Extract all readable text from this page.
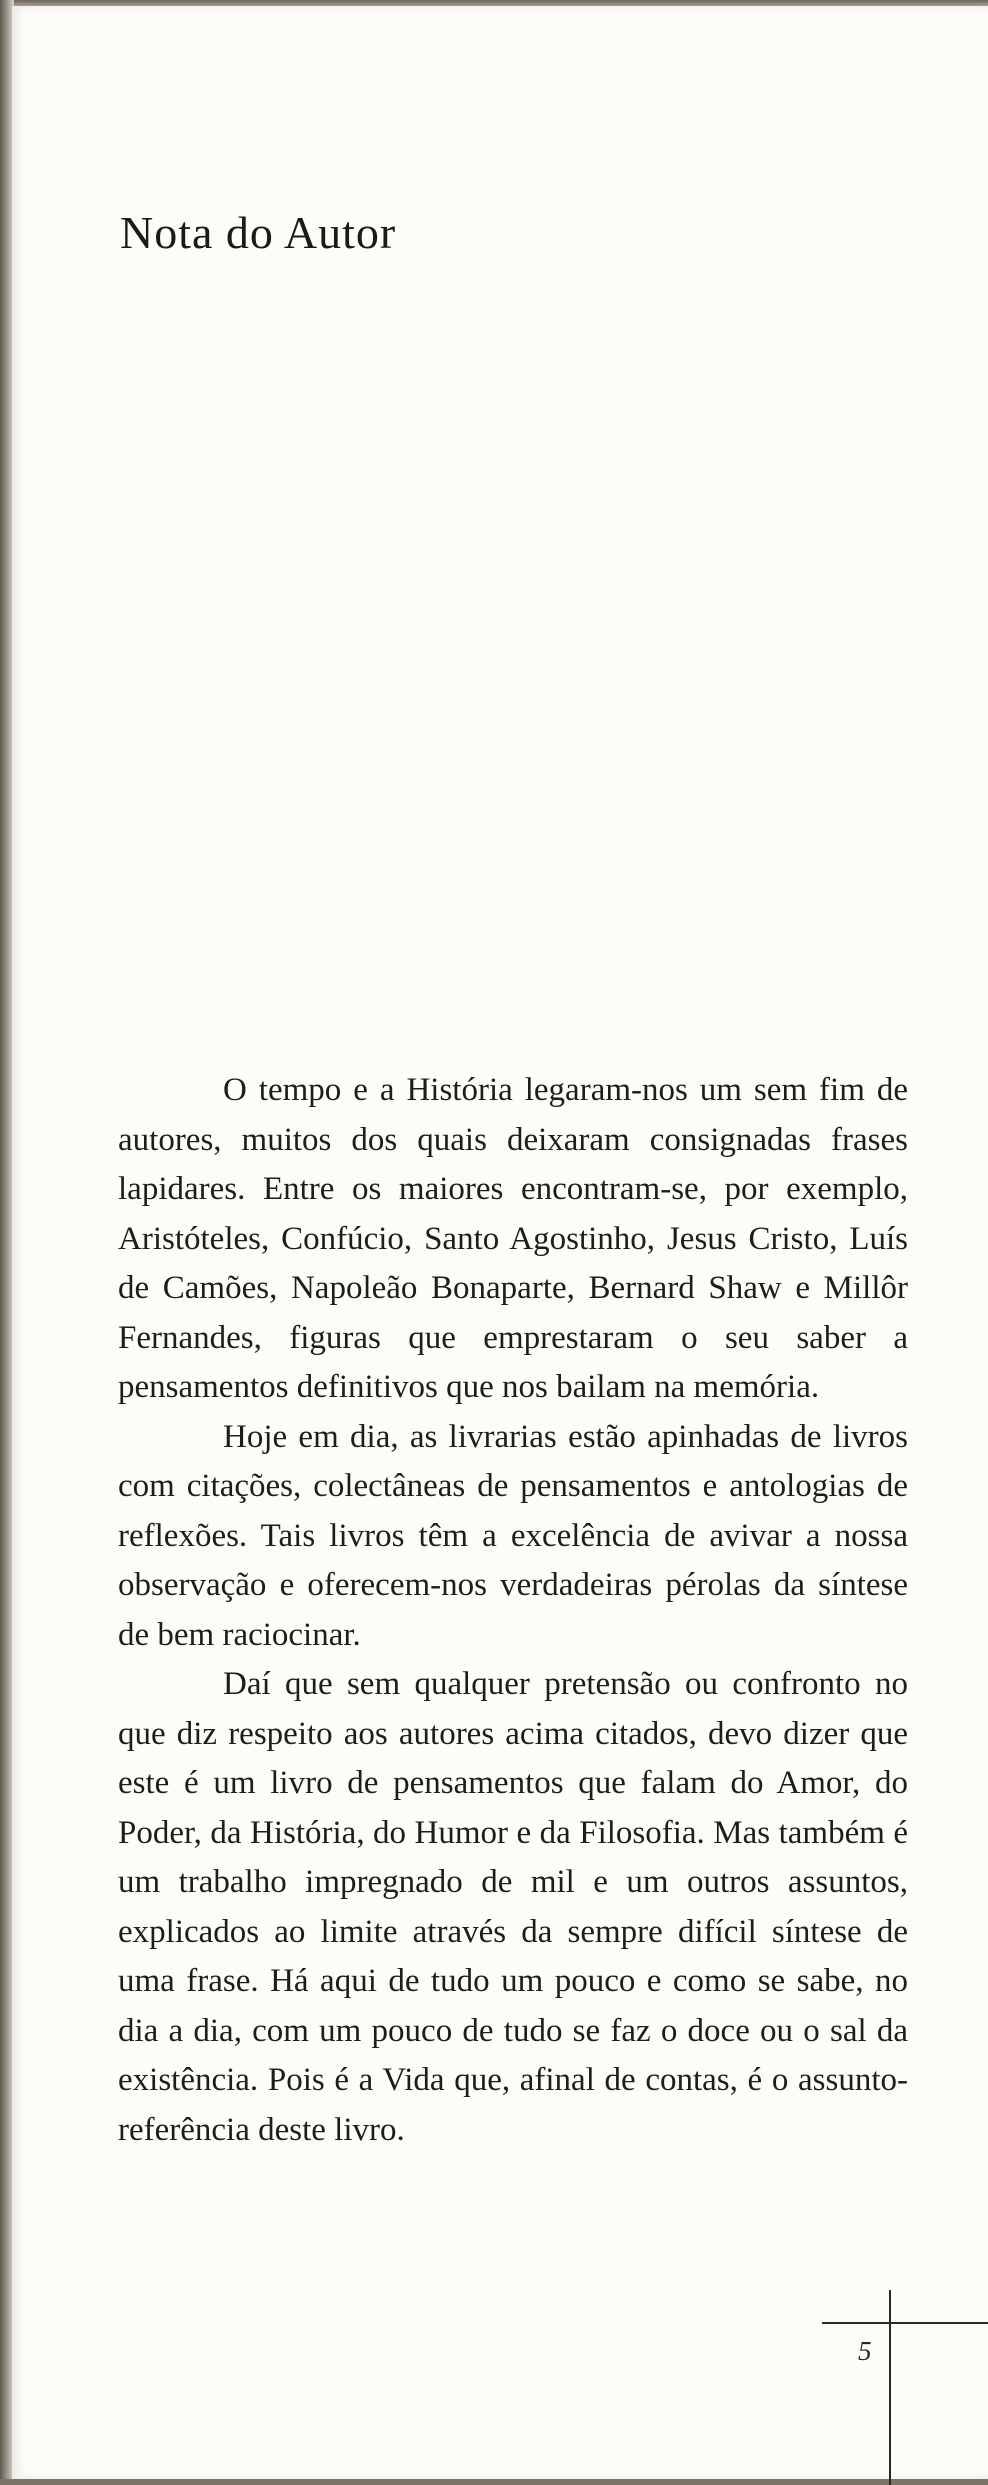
Nota do Autor

O tempo e a História legaram-nos um sem fim de autores, muitos dos quais deixaram consignadas frases lapidares. Entre os maiores encontram-se, por exemplo, Aristóteles, Confúcio, Santo Agostinho, Jesus Cristo, Luís de Camões, Napoleão Bonaparte, Bernard Shaw e Millôr Fernandes, figuras que emprestaram o seu saber a pensamentos definitivos que nos bailam na memória.

Hoje em dia, as livrarias estão apinhadas de livros com citações, colectâneas de pensamentos e antologias de reflexões. Tais livros têm a excelência de avivar a nossa observação e oferecem-nos verdadeiras pérolas da síntese de bem raciocinar.

Daí que sem qualquer pretensão ou confronto no que diz respeito aos autores acima citados, devo dizer que este é um livro de pensamentos que falam do Amor, do Poder, da História, do Humor e da Filosofia. Mas também é um trabalho impregnado de mil e um outros assuntos, explicados ao limite através da sempre difícil síntese de uma frase. Há aqui de tudo um pouco e como se sabe, no dia a dia, com um pouco de tudo se faz o doce ou o sal da existência. Pois é a Vida que, afinal de contas, é o assunto-referência deste livro.

5
